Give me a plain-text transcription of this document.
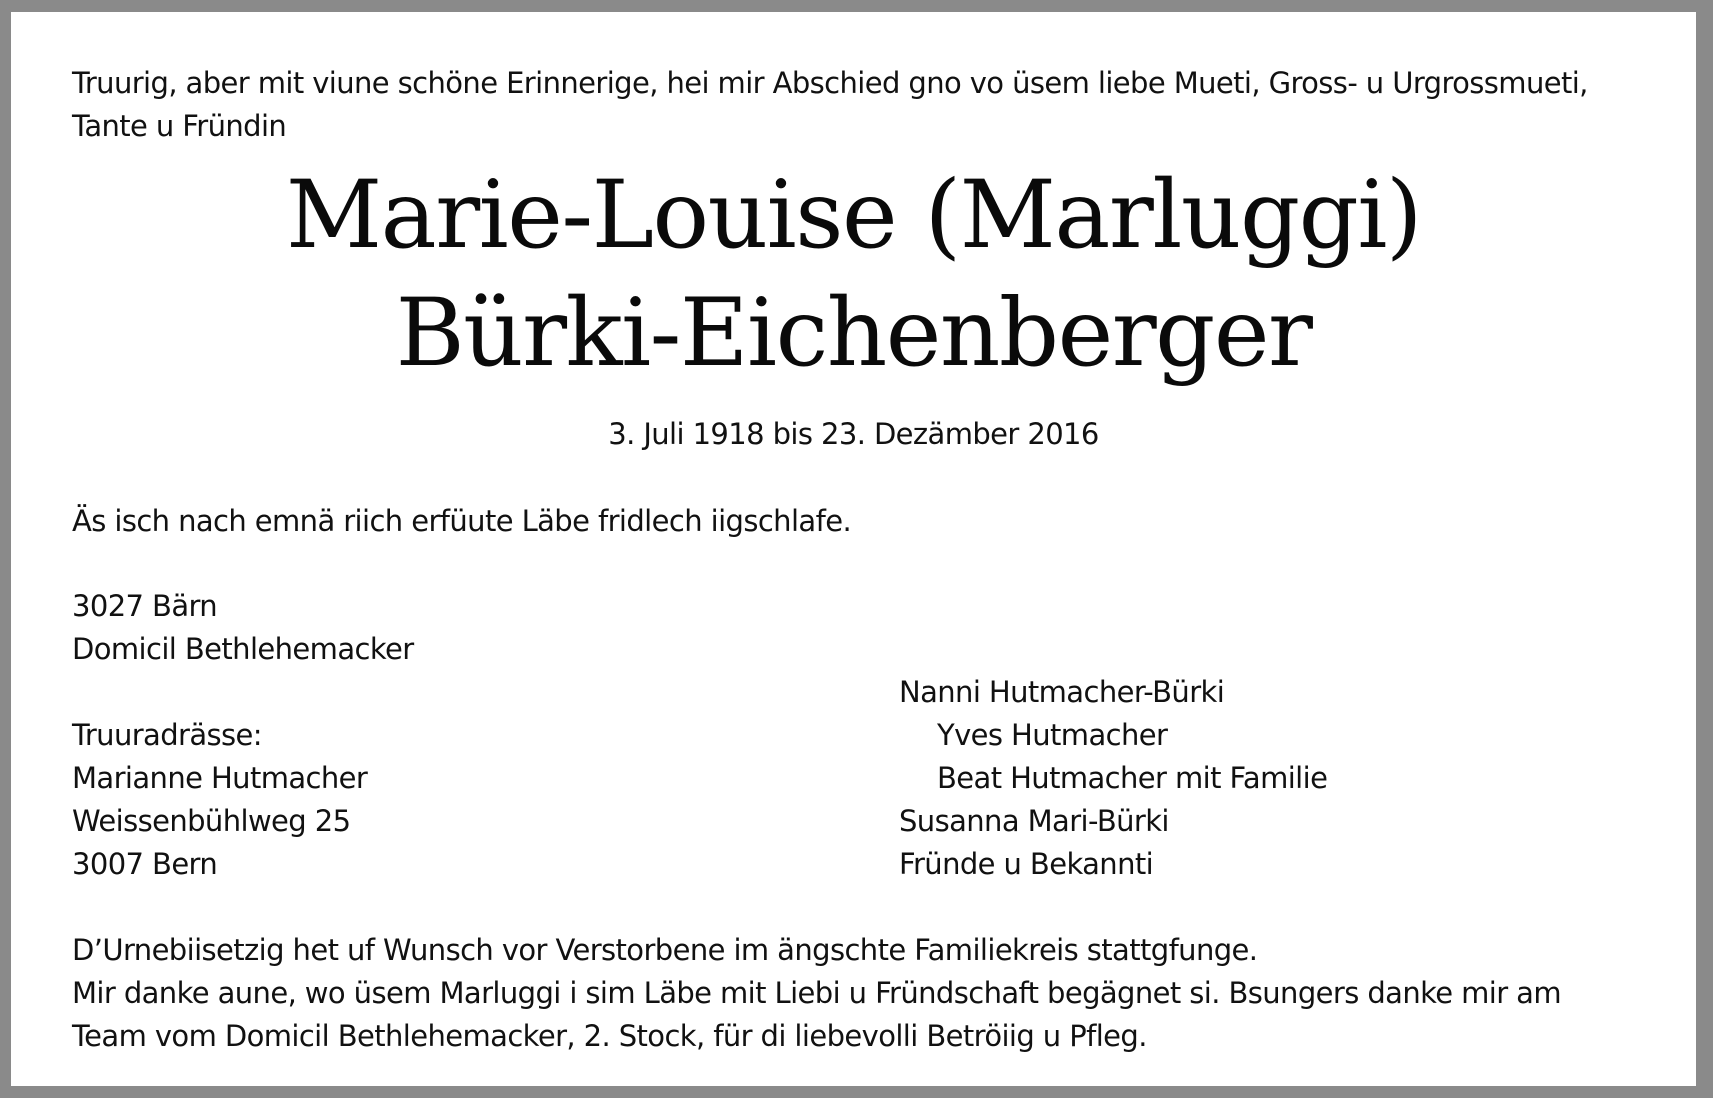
Truurig, aber mit viune schöne Erinnerige, hei mir Abschied gno vo üsem liebe Mueti, Gross- u Urgrossmueti,
Tante u Fründin
Marie-Louise (Marluggi)
Bürki-Eichenberger
3. Juli 1918 bis 23. Dezämber 2016
Äs isch nach emnä riich erfüute Läbe fridlech iigschlafe.
3027 Bärn
Domicil Bethlehemacker
Truuradrässe:
Marianne Hutmacher
Weissenbühlweg 25
3007 Bern
Nanni Hutmacher-Bürki
Yves Hutmacher
Beat Hutmacher mit Familie
Susanna Mari-Bürki
Fründe u Bekannti
D’Urnebiisetzig het uf Wunsch vor Verstorbene im ängschte Familiekreis stattgfunge.
Mir danke aune, wo üsem Marluggi i sim Läbe mit Liebi u Fründschaft begägnet si. Bsungers danke mir am
Team vom Domicil Bethlehemacker, 2. Stock, für di liebevolli Betröiig u Pfleg.
